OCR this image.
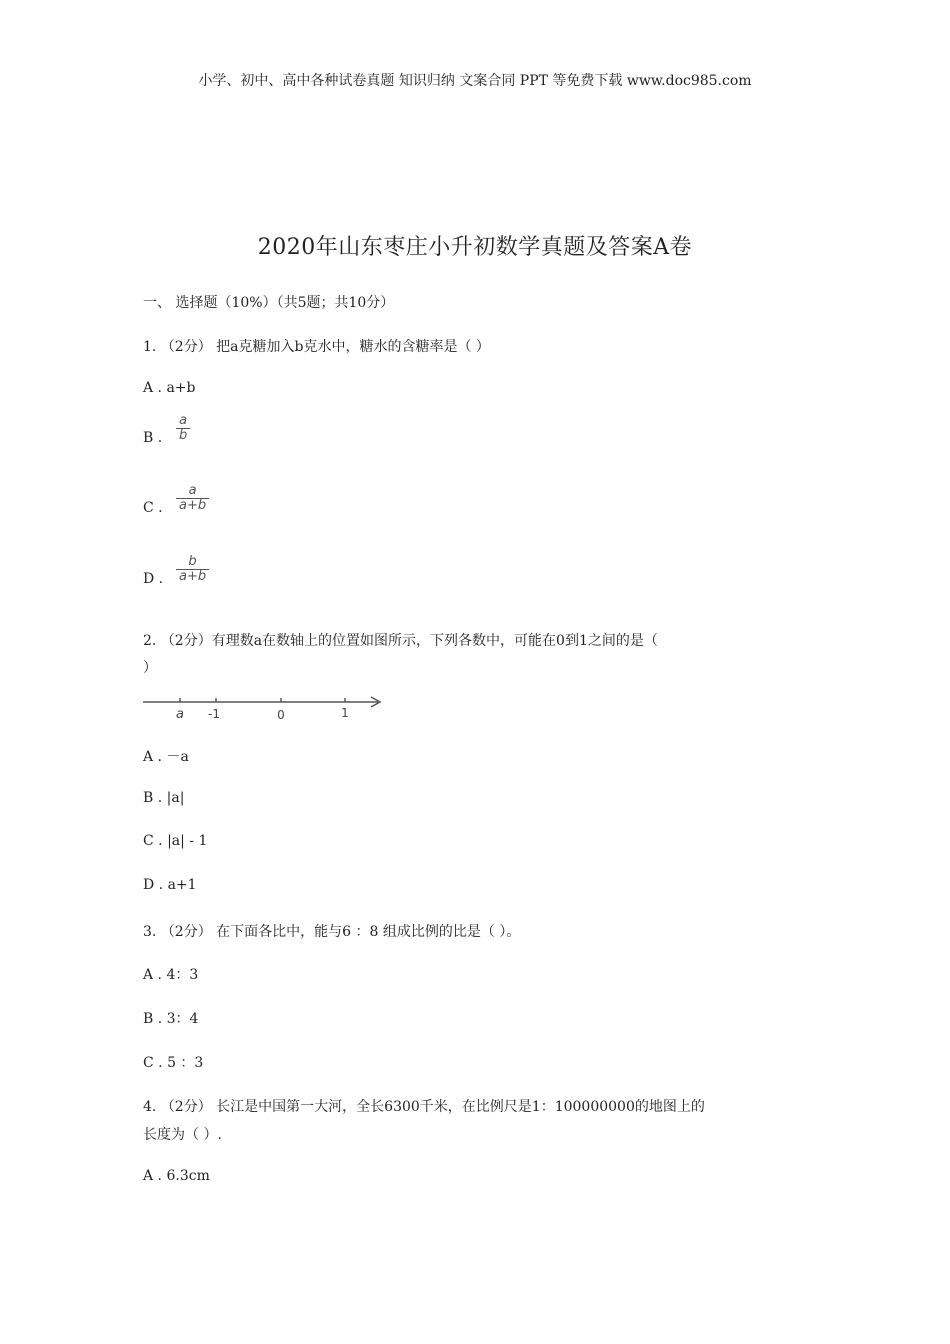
小学、初中、高中各种试卷真题 知识归纳 文案合同 PPT 等免费下载 www.doc985.com
2020年山东枣庄小升初数学真题及答案A卷
一、 选择题（10%）（共5题；共10分）
1. （2分） 把a克糖加入b克水中，糖水的含糖率是（ ）
A . a+b
B .
a
b
C .
a
a+b
D .
b
a+b
2. （2分）有理数a在数轴上的位置如图所示，下列各数中，可能在0到1之间的是（
）
a -1	0	1
A . －a
B . |a|
C . |a| - 1
D . a+1
3. （2分） 在下面各比中，能与6 ：8 组成比例的比是（ ）。
A . 4：3
B . 3：4
C . 5 ：3
4. （2分） 长江是中国第一大河，全长6300千米，在比例尺是1：100000000的地图上的
长度为（ ）.
A . 6.3cm
